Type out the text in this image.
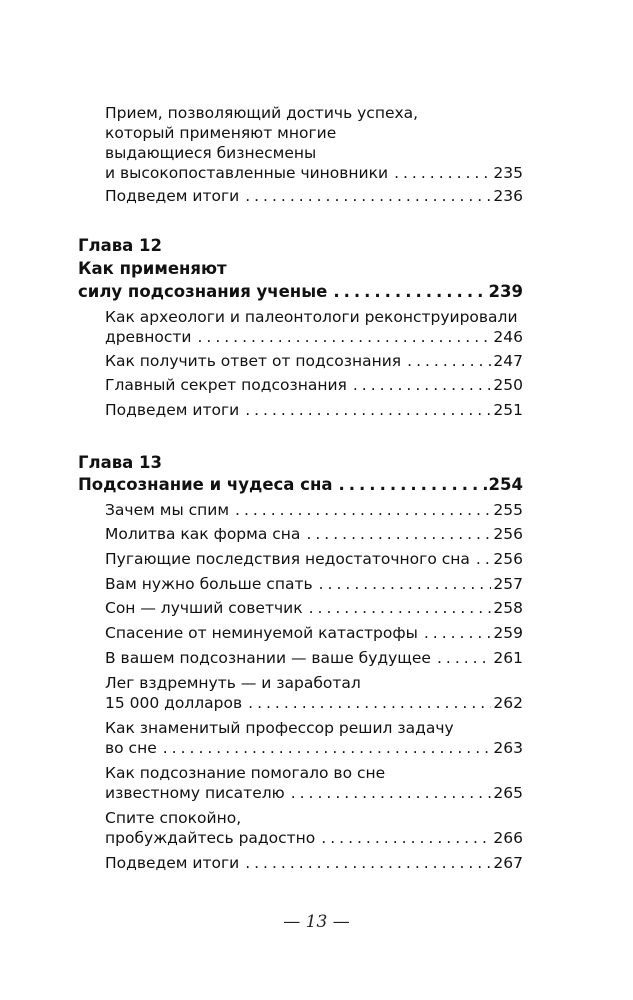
Прием, позволяющий достичь успеха,
который применяют многие
выдающиеся бизнесмены
и высокопоставленные чиновники .....	235
Подведем итоги .....	236
Глава 12
Как применяют
силу подсознания ученые .....	239
Как археологи и палеонтологи реконструировали
древности .....	246
Как получить ответ от подсознания .....	247
Главный секрет подсознания .....	250
Подведем итоги .....	251
Глава 13
Подсознание и чудеса сна .....	254
Зачем мы спим .....	255
Молитва как форма сна .....	256
Пугающие последствия недостаточного сна ..... 256
Вам нужно больше спать .....	257
Сон — лучший советчик .....	258
Спасение от неминуемой катастрофы .....	259
В вашем подсознании — ваше будущее .....	261
Лег вздремнуть — и заработал
15 000 долларов .....	262
Как знаменитый профессор решил задачу
во сне .....	263
Как подсознание помогало во сне
известному писателю .....	265
Спите спокойно,
пробуждайтесь радостно .....	266
Подведем итоги .....	267
— 13 —
